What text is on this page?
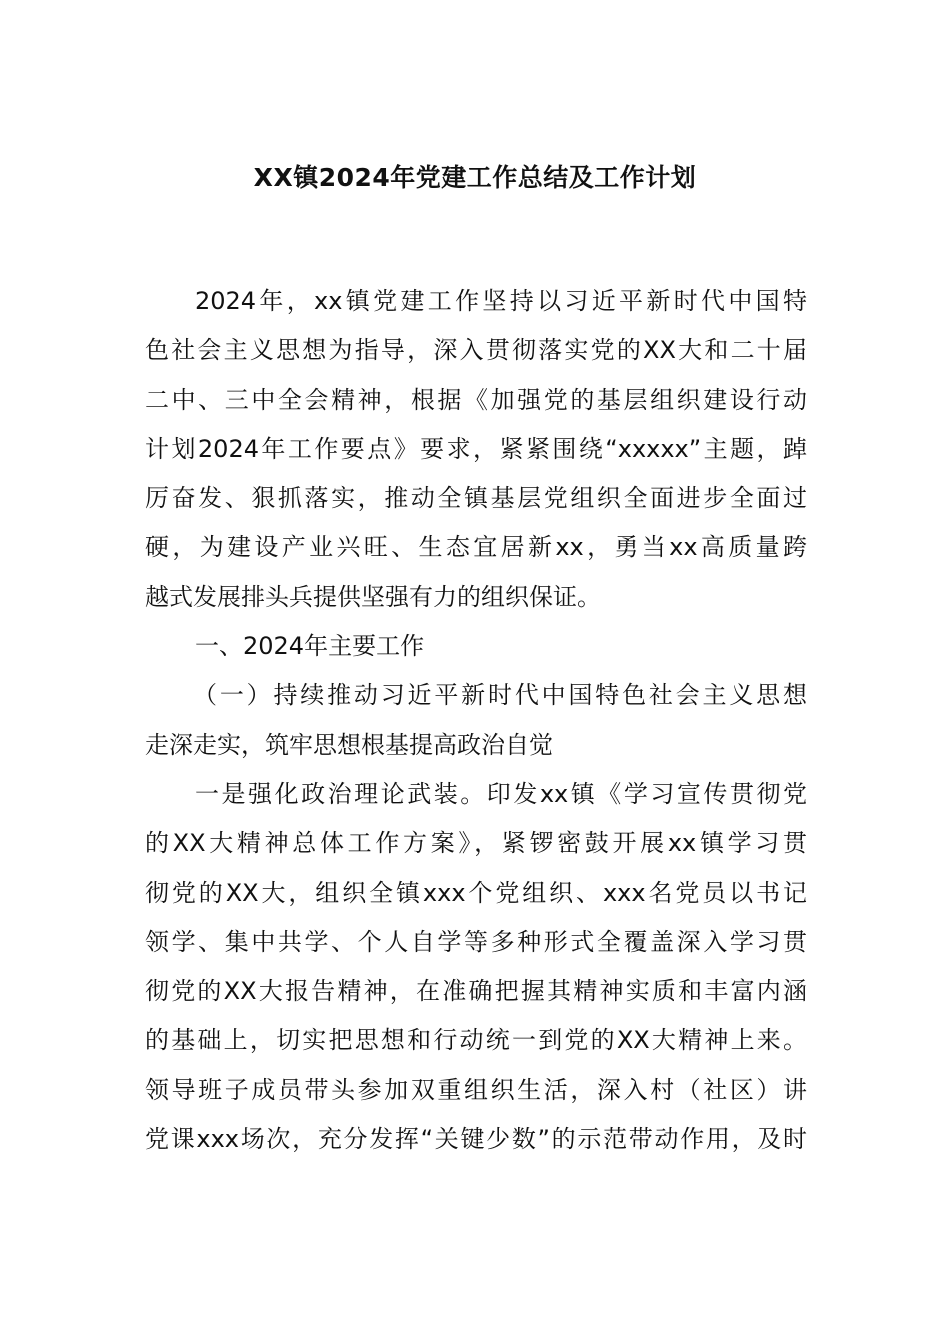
XX镇2024年党建工作总结及工作计划
2024年，xx镇党建工作坚持以习近平新时代中国特
色社会主义思想为指导，深入贯彻落实党的XX大和二十届
二中、三中全会精神，根据《加强党的基层组织建设行动
计划2024年工作要点》要求，紧紧围绕“xxxxx”主题，踔
厉奋发、狠抓落实，推动全镇基层党组织全面进步全面过
硬，为建设产业兴旺、生态宜居新xx，勇当xx高质量跨
越式发展排头兵提供坚强有力的组织保证。
一、2024年主要工作
（一）持续推动习近平新时代中国特色社会主义思想
走深走实，筑牢思想根基提高政治自觉
一是强化政治理论武装。印发xx镇《学习宣传贯彻党
的XX大精神总体工作方案》，紧锣密鼓开展xx镇学习贯
彻党的XX大，组织全镇xxx个党组织、xxx名党员以书记
领学、集中共学、个人自学等多种形式全覆盖深入学习贯
彻党的XX大报告精神，在准确把握其精神实质和丰富内涵
的基础上，切实把思想和行动统一到党的XX大精神上来。
领导班子成员带头参加双重组织生活，深入村（社区）讲
党课xxx场次，充分发挥“关键少数”的示范带动作用，及时
